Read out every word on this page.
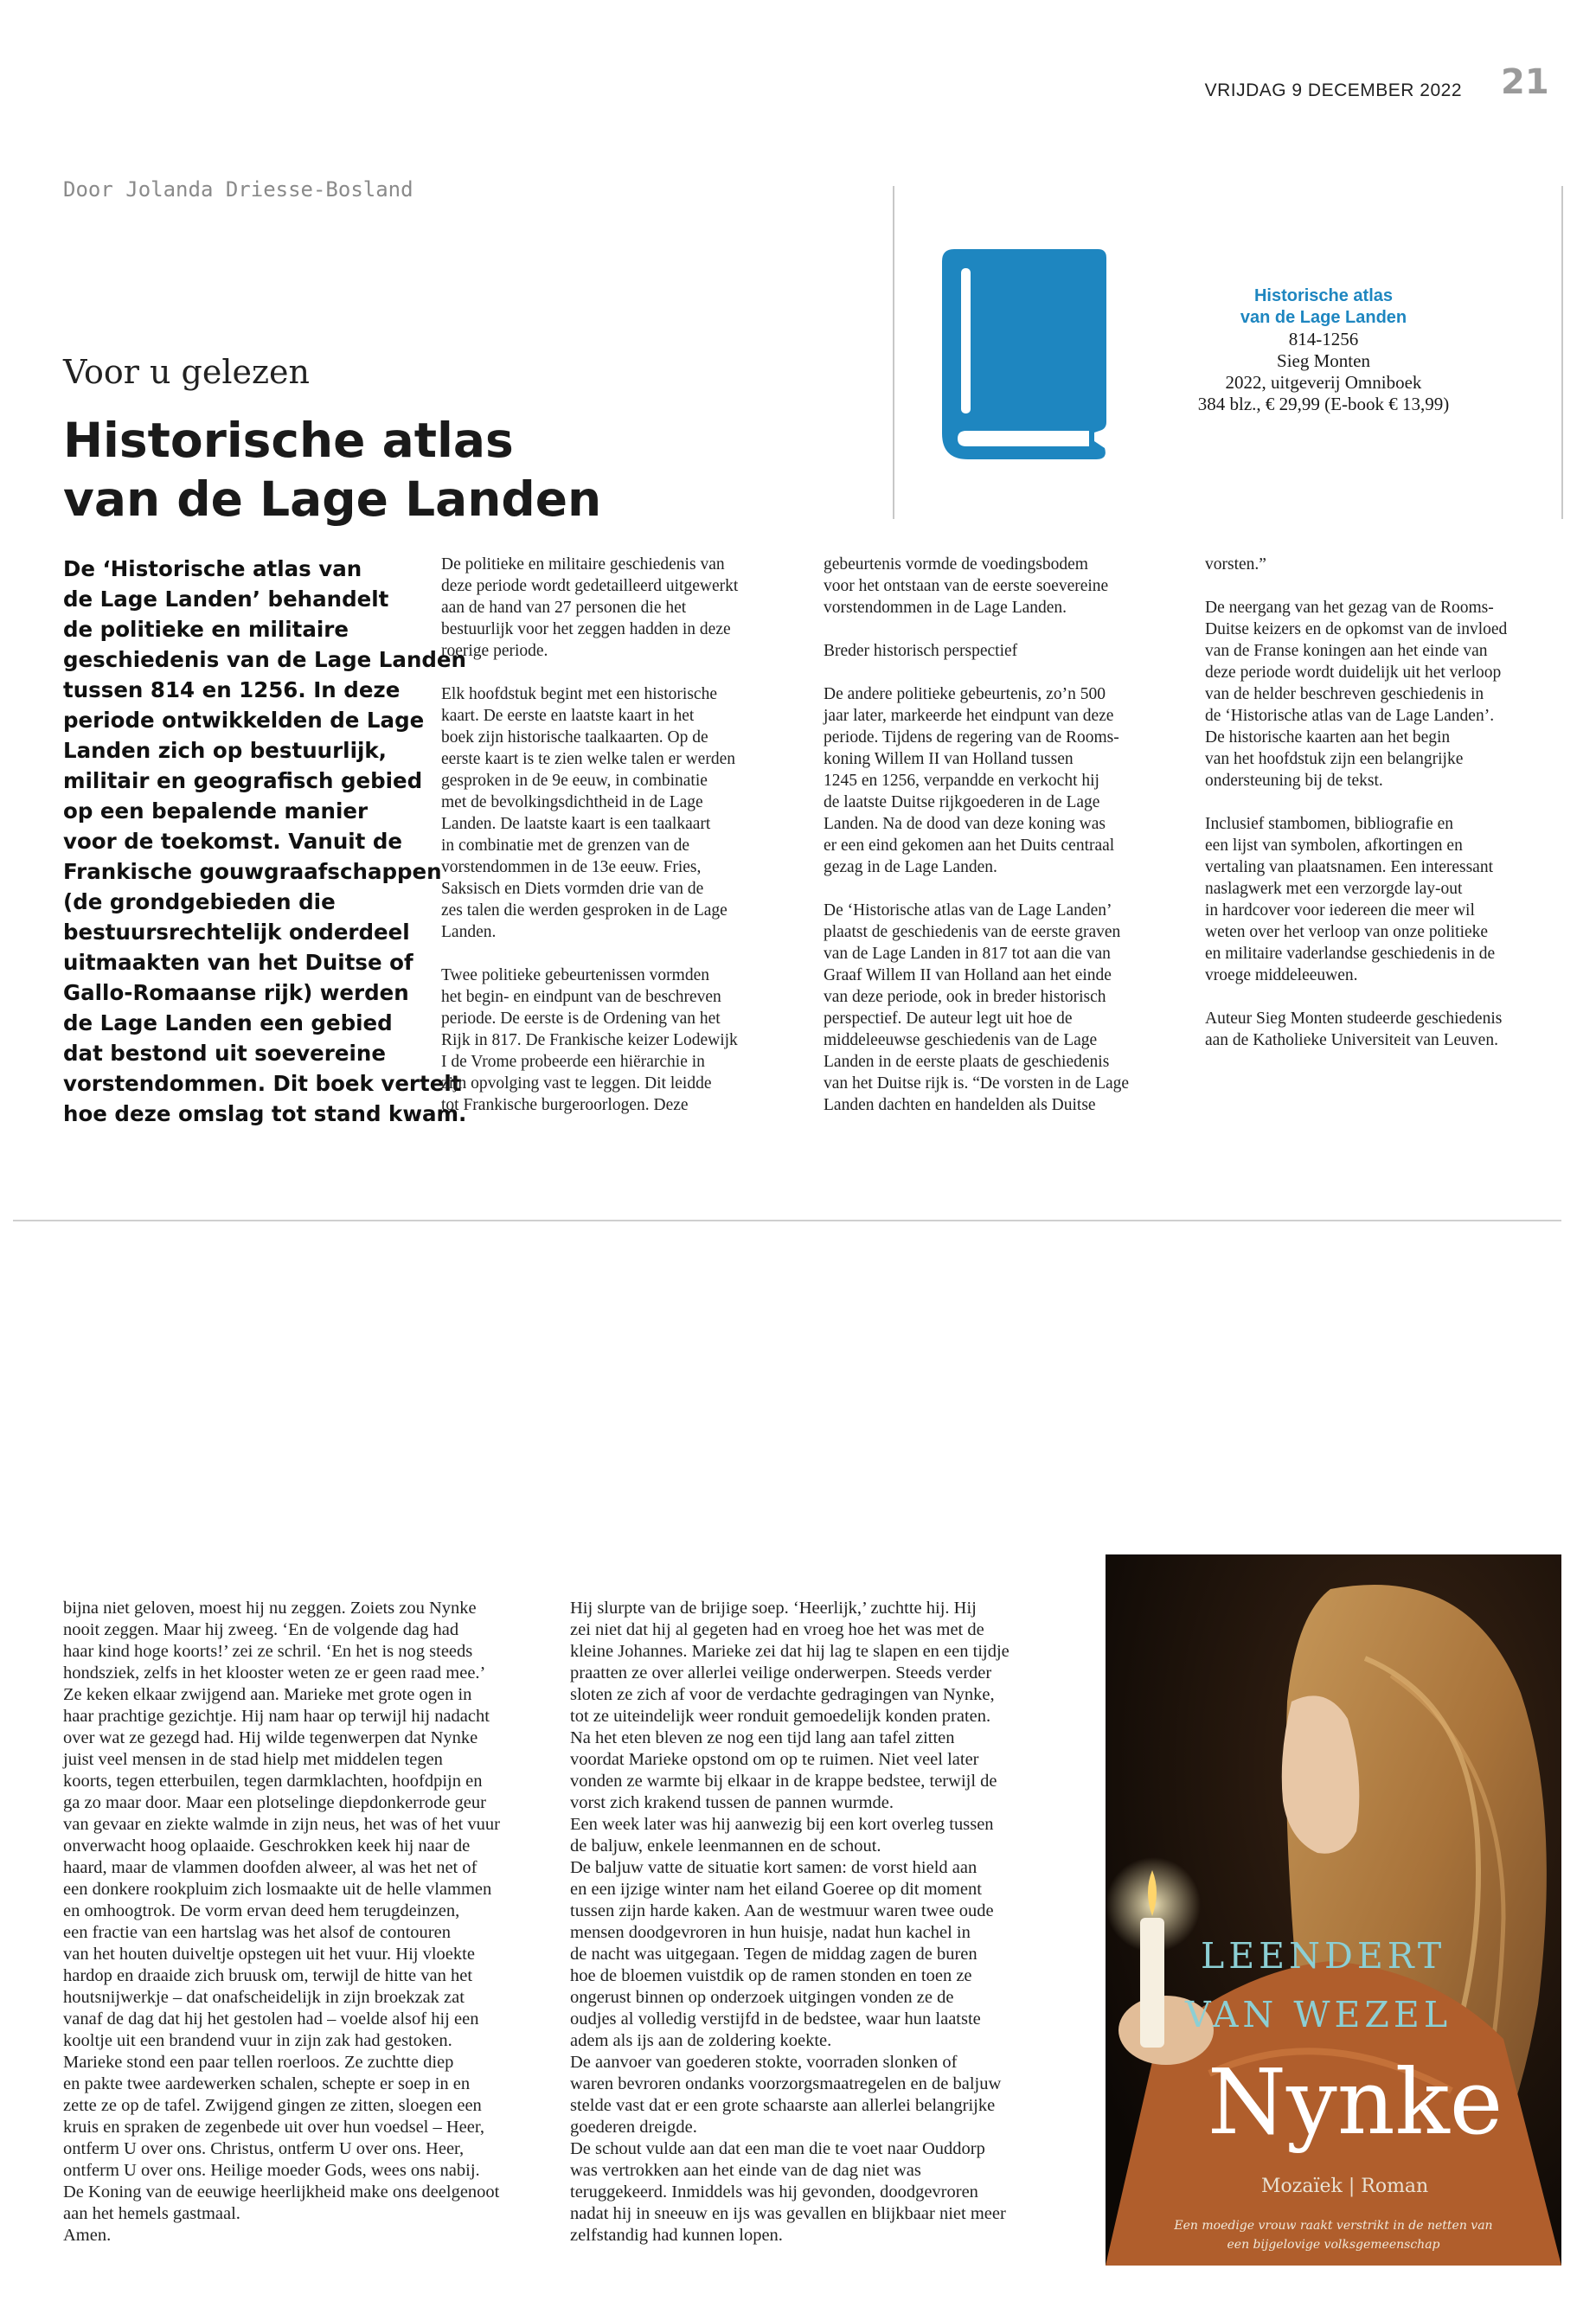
VRIJDAG 9 DECEMBER 2022 21
Door Jolanda Driesse-Bosland
Voor u gelezen
Historische atlas
van de Lage Landen
Historische atlas
van de Lage Landen
814-1256
Sieg Monten
2022, uitgeverij Omniboek
384 blz., € 29,99 (E-book € 13,99)
De ‘Historische atlas van
de Lage Landen’ behandelt
de politieke en militaire
geschiedenis van de Lage Landen
tussen 814 en 1256. In deze
periode ontwikkelden de Lage
Landen zich op bestuurlijk,
militair en geografisch gebied
op een bepalende manier
voor de toekomst. Vanuit de
Frankische gouwgraafschappen
(de grondgebieden die
bestuursrechtelijk onderdeel
uitmaakten van het Duitse of
Gallo-Romaanse rijk) werden
de Lage Landen een gebied
dat bestond uit soevereine
vorstendommen. Dit boek vertelt
hoe deze omslag tot stand kwam.
De politieke en militaire geschiedenis van
deze periode wordt gedetailleerd uitgewerkt
aan de hand van 27 personen die het
bestuurlijk voor het zeggen hadden in deze
roerige periode.
Elk hoofdstuk begint met een historische
kaart. De eerste en laatste kaart in het
boek zijn historische taalkaarten. Op de
eerste kaart is te zien welke talen er werden
gesproken in de 9e eeuw, in combinatie
met de bevolkingsdichtheid in de Lage
Landen. De laatste kaart is een taalkaart
in combinatie met de grenzen van de
vorstendommen in de 13e eeuw. Fries,
Saksisch en Diets vormden drie van de
zes talen die werden gesproken in de Lage
Landen.
Twee politieke gebeurtenissen vormden
het begin- en eindpunt van de beschreven
periode. De eerste is de Ordening van het
Rijk in 817. De Frankische keizer Lodewijk
I de Vrome probeerde een hiërarchie in
zijn opvolging vast te leggen. Dit leidde
tot Frankische burgeroorlogen. Deze
gebeurtenis vormde de voedingsbodem
voor het ontstaan van de eerste soevereine
vorstendommen in de Lage Landen.
Breder historisch perspectief
De andere politieke gebeurtenis, zo’n 500
jaar later, markeerde het eindpunt van deze
periode. Tijdens de regering van de Rooms-
koning Willem II van Holland tussen
1245 en 1256, verpandde en verkocht hij
de laatste Duitse rijkgoederen in de Lage
Landen. Na de dood van deze koning was
er een eind gekomen aan het Duits centraal
gezag in de Lage Landen.
De ‘Historische atlas van de Lage Landen’
plaatst de geschiedenis van de eerste graven
van de Lage Landen in 817 tot aan die van
Graaf Willem II van Holland aan het einde
van deze periode, ook in breder historisch
perspectief. De auteur legt uit hoe de
middeleeuwse geschiedenis van de Lage
Landen in de eerste plaats de geschiedenis
van het Duitse rijk is. “De vorsten in de Lage
Landen dachten en handelden als Duitse
vorsten.”
De neergang van het gezag van de Rooms-
Duitse keizers en de opkomst van de invloed
van de Franse koningen aan het einde van
deze periode wordt duidelijk uit het verloop
van de helder beschreven geschiedenis in
de ‘Historische atlas van de Lage Landen’.
De historische kaarten aan het begin
van het hoofdstuk zijn een belangrijke
ondersteuning bij de tekst.
Inclusief stambomen, bibliografie en
een lijst van symbolen, afkortingen en
vertaling van plaatsnamen. Een interessant
naslagwerk met een verzorgde lay-out
in hardcover voor iedereen die meer wil
weten over het verloop van onze politieke
en militaire vaderlandse geschiedenis in de
vroege middeleeuwen.
Auteur Sieg Monten studeerde geschiedenis
aan de Katholieke Universiteit van Leuven.
bijna niet geloven, moest hij nu zeggen. Zoiets zou Nynke
nooit zeggen. Maar hij zweeg. ‘En de volgende dag had
haar kind hoge koorts!’ zei ze schril. ‘En het is nog steeds
hondsziek, zelfs in het klooster weten ze er geen raad mee.’
Ze keken elkaar zwijgend aan. Marieke met grote ogen in
haar prachtige gezichtje. Hij nam haar op terwijl hij nadacht
over wat ze gezegd had. Hij wilde tegenwerpen dat Nynke
juist veel mensen in de stad hielp met middelen tegen
koorts, tegen etterbuilen, tegen darmklachten, hoofdpijn en
ga zo maar door. Maar een plotselinge diepdonkerrode geur
van gevaar en ziekte walmde in zijn neus, het was of het vuur
onverwacht hoog oplaaide. Geschrokken keek hij naar de
haard, maar de vlammen doofden alweer, al was het net of
een donkere rookpluim zich losmaakte uit de helle vlammen
en omhoogtrok. De vorm ervan deed hem terugdeinzen,
een fractie van een hartslag was het alsof de contouren
van het houten duiveltje opstegen uit het vuur. Hij vloekte
hardop en draaide zich bruusk om, terwijl de hitte van het
houtsnijwerkje – dat onafscheidelijk in zijn broekzak zat
vanaf de dag dat hij het gestolen had – voelde alsof hij een
kooltje uit een brandend vuur in zijn zak had gestoken.
Marieke stond een paar tellen roerloos. Ze zuchtte diep
en pakte twee aardewerken schalen, schepte er soep in en
zette ze op de tafel. Zwijgend gingen ze zitten, sloegen een
kruis en spraken de zegenbede uit over hun voedsel – Heer,
ontferm U over ons. Christus, ontferm U over ons. Heer,
ontferm U over ons. Heilige moeder Gods, wees ons nabij.
De Koning van de eeuwige heerlijkheid make ons deelgenoot
aan het hemels gastmaal.
Amen.
Hij slurpte van de brijige soep. ‘Heerlijk,’ zuchtte hij. Hij
zei niet dat hij al gegeten had en vroeg hoe het was met de
kleine Johannes. Marieke zei dat hij lag te slapen en een tijdje
praatten ze over allerlei veilige onderwerpen. Steeds verder
sloten ze zich af voor de verdachte gedragingen van Nynke,
tot ze uiteindelijk weer ronduit gemoedelijk konden praten.
Na het eten bleven ze nog een tijd lang aan tafel zitten
voordat Marieke opstond om op te ruimen. Niet veel later
vonden ze warmte bij elkaar in de krappe bedstee, terwijl de
vorst zich krakend tussen de pannen wurmde.
Een week later was hij aanwezig bij een kort overleg tussen
de baljuw, enkele leenmannen en de schout.
De baljuw vatte de situatie kort samen: de vorst hield aan
en een ijzige winter nam het eiland Goeree op dit moment
tussen zijn harde kaken. Aan de westmuur waren twee oude
mensen doodgevroren in hun huisje, nadat hun kachel in
de nacht was uitgegaan. Tegen de middag zagen de buren
hoe de bloemen vuistdik op de ramen stonden en toen ze
ongerust binnen op onderzoek uitgingen vonden ze de
oudjes al volledig verstijfd in de bedstee, waar hun laatste
adem als ijs aan de zoldering koekte.
De aanvoer van goederen stokte, voorraden slonken of
waren bevroren ondanks voorzorgsmaatregelen en de baljuw
stelde vast dat er een grote schaarste aan allerlei belangrijke
goederen dreigde.
De schout vulde aan dat een man die te voet naar Ouddorp
was vertrokken aan het einde van de dag niet was
teruggekeerd. Inmiddels was hij gevonden, doodgevroren
nadat hij in sneeuw en ijs was gevallen en blijkbaar niet meer
zelfstandig had kunnen lopen.
LEENDERT
VAN WEZEL
Nynke
Mozaïek | Roman
Een moedige vrouw raakt verstrikt in de netten van
een bijgelovige volksgemeenschap
